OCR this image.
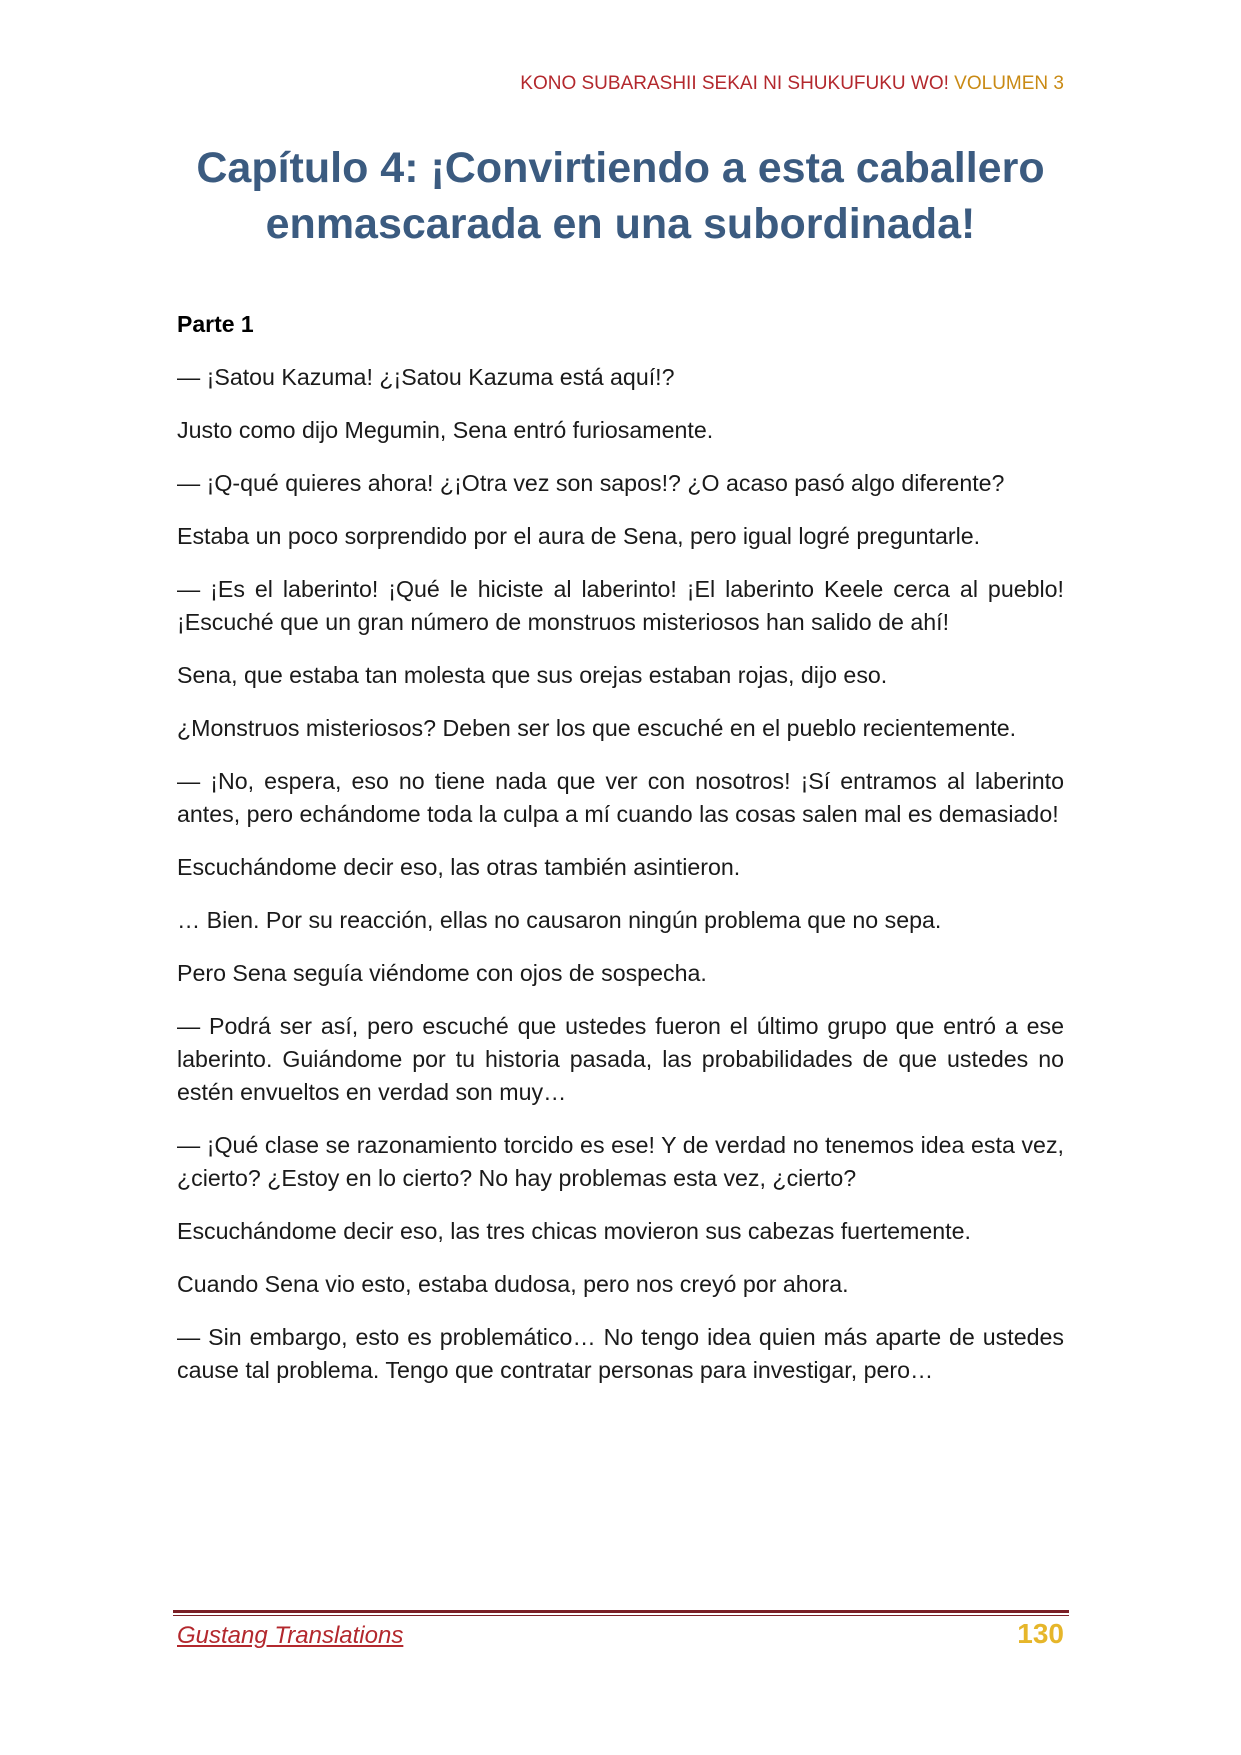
KONO SUBARASHII SEKAI NI SHUKUFUKU WO! VOLUMEN 3
Capítulo 4: ¡Convirtiendo a esta caballero
enmascarada en una subordinada!
Parte 1

— ¡Satou Kazuma! ¿¡Satou Kazuma está aquí!?

Justo como dijo Megumin, Sena entró furiosamente.

— ¡Q-qué quieres ahora! ¿¡Otra vez son sapos!? ¿O acaso pasó algo diferente?

Estaba un poco sorprendido por el aura de Sena, pero igual logré preguntarle.

— ¡Es el laberinto! ¡Qué le hiciste al laberinto! ¡El laberinto Keele cerca al pueblo! ¡Escuché que un gran número de monstruos misteriosos han salido de ahí!

Sena, que estaba tan molesta que sus orejas estaban rojas, dijo eso.

¿Monstruos misteriosos? Deben ser los que escuché en el pueblo recientemente.

— ¡No, espera, eso no tiene nada que ver con nosotros! ¡Sí entramos al laberinto antes, pero echándome toda la culpa a mí cuando las cosas salen mal es demasiado!

Escuchándome decir eso, las otras también asintieron.

… Bien. Por su reacción, ellas no causaron ningún problema que no sepa.

Pero Sena seguía viéndome con ojos de sospecha.

— Podrá ser así, pero escuché que ustedes fueron el último grupo que entró a ese laberinto. Guiándome por tu historia pasada, las probabilidades de que ustedes no estén envueltos en verdad son muy…

— ¡Qué clase se razonamiento torcido es ese! Y de verdad no tenemos idea esta vez, ¿cierto? ¿Estoy en lo cierto? No hay problemas esta vez, ¿cierto?

Escuchándome decir eso, las tres chicas movieron sus cabezas fuertemente.

Cuando Sena vio esto, estaba dudosa, pero nos creyó por ahora.

— Sin embargo, esto es problemático… No tengo idea quien más aparte de ustedes cause tal problema. Tengo que contratar personas para investigar, pero…

Gustang Translations	130
